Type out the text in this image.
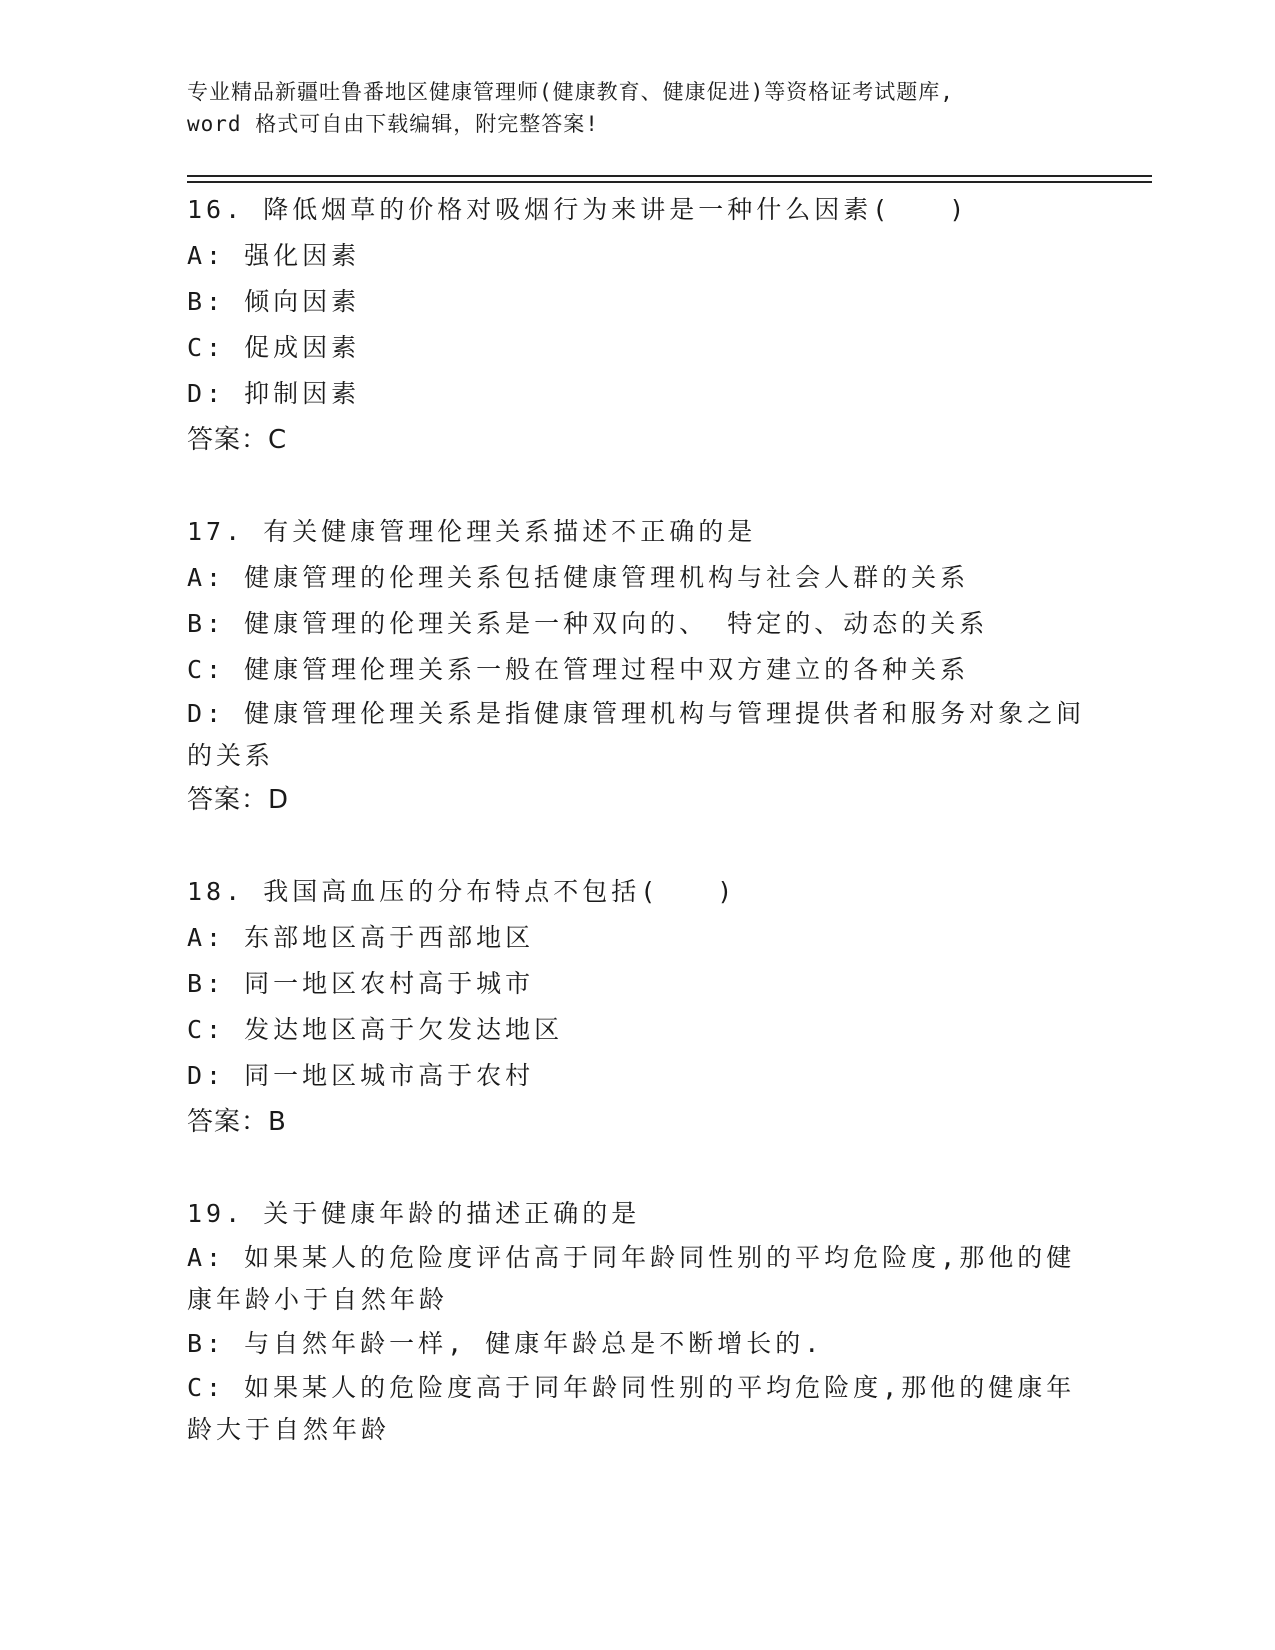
专业精品新疆吐鲁番地区健康管理师(健康教育、健康促进)等资格证考试题库,
word 格式可自由下载编辑，附完整答案!
16. 降低烟草的价格对吸烟行为来讲是一种什么因素(　　)
A: 强化因素
B: 倾向因素
C: 促成因素
D: 抑制因素
答案：C
17. 有关健康管理伦理关系描述不正确的是
A: 健康管理的伦理关系包括健康管理机构与社会人群的关系
B: 健康管理的伦理关系是一种双向的、 特定的、动态的关系
C: 健康管理伦理关系一般在管理过程中双方建立的各种关系
D: 健康管理伦理关系是指健康管理机构与管理提供者和服务对象之间的关系
答案：D
18. 我国高血压的分布特点不包括(　　)
A: 东部地区高于西部地区
B: 同一地区农村高于城市
C: 发达地区高于欠发达地区
D: 同一地区城市高于农村
答案：B
19. 关于健康年龄的描述正确的是
A: 如果某人的危险度评估高于同年龄同性别的平均危险度,那他的健康年龄小于自然年龄
B: 与自然年龄一样, 健康年龄总是不断增长的.
C: 如果某人的危险度高于同年龄同性别的平均危险度,那他的健康年龄大于自然年龄
